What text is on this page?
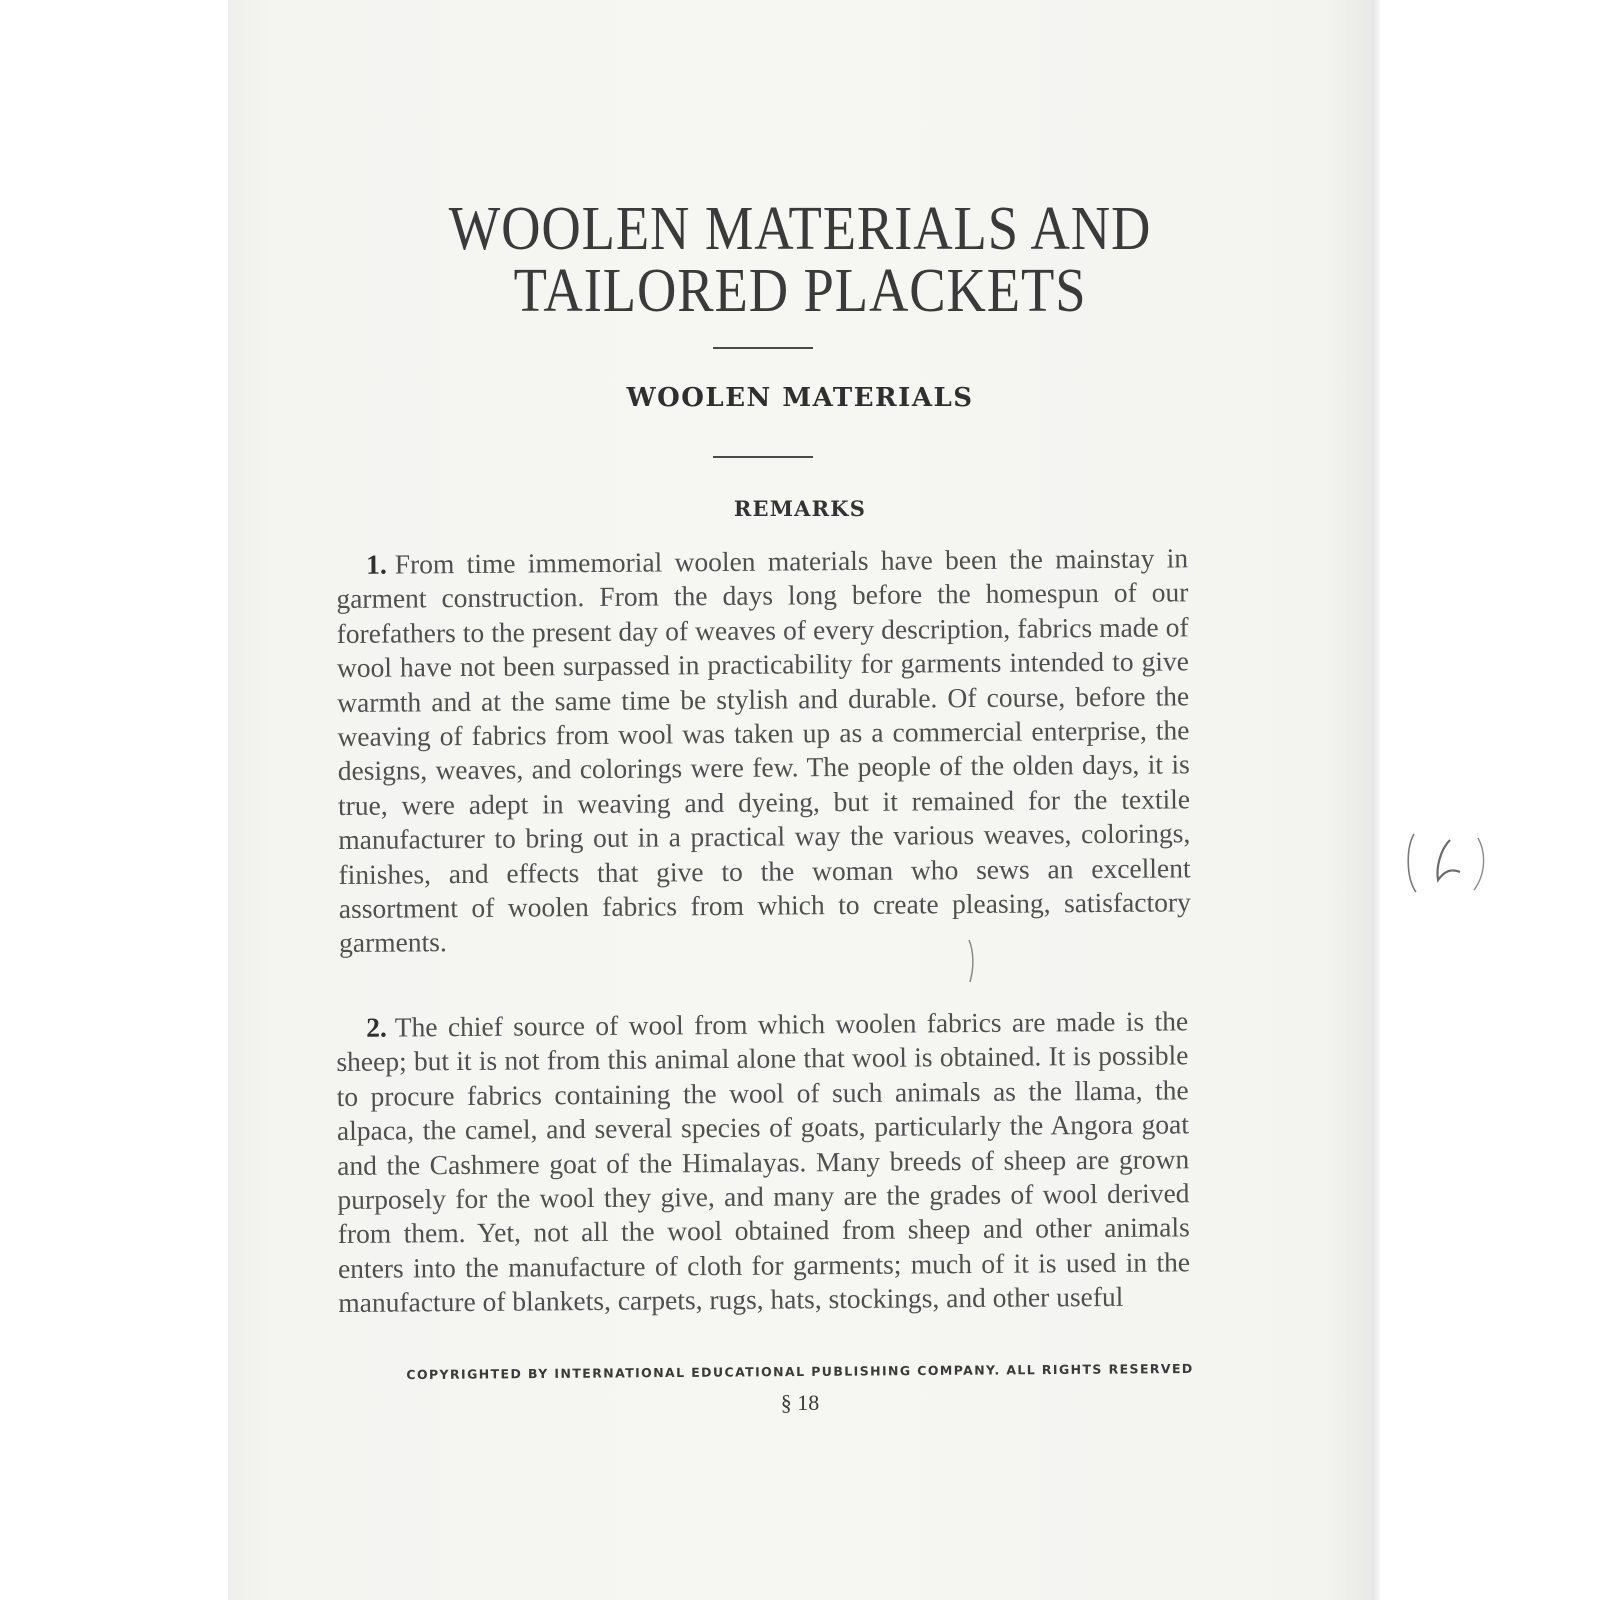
WOOLEN MATERIALS AND
TAILORED PLACKETS
WOOLEN MATERIALS
REMARKS

1. From time immemorial woolen materials have been the mainstay in garment construction. From the days long before the homespun of our forefathers to the present day of weaves of every description, fabrics made of wool have not been surpassed in practicability for garments intended to give warmth and at the same time be stylish and durable. Of course, before the weaving of fabrics from wool was taken up as a commercial enterprise, the designs, weaves, and colorings were few. The people of the olden days, it is true, were adept in weaving and dyeing, but it remained for the textile manufacturer to bring out in a practical way the various weaves, colorings, finishes, and effects that give to the woman who sews an excellent assortment of woolen fabrics from which to create pleasing, satisfactory garments.

2. The chief source of wool from which woolen fabrics are made is the sheep; but it is not from this animal alone that wool is obtained. It is possible to procure fabrics containing the wool of such animals as the llama, the alpaca, the camel, and several species of goats, particularly the Angora goat and the Cashmere goat of the Himalayas. Many breeds of sheep are grown purposely for the wool they give, and many are the grades of wool derived from them. Yet, not all the wool obtained from sheep and other animals enters into the manufacture of cloth for garments; much of it is used in the manufacture of blankets, carpets, rugs, hats, stockings, and other useful

COPYRIGHTED BY INTERNATIONAL EDUCATIONAL PUBLISHING COMPANY. ALL RIGHTS RESERVED

§ 18
